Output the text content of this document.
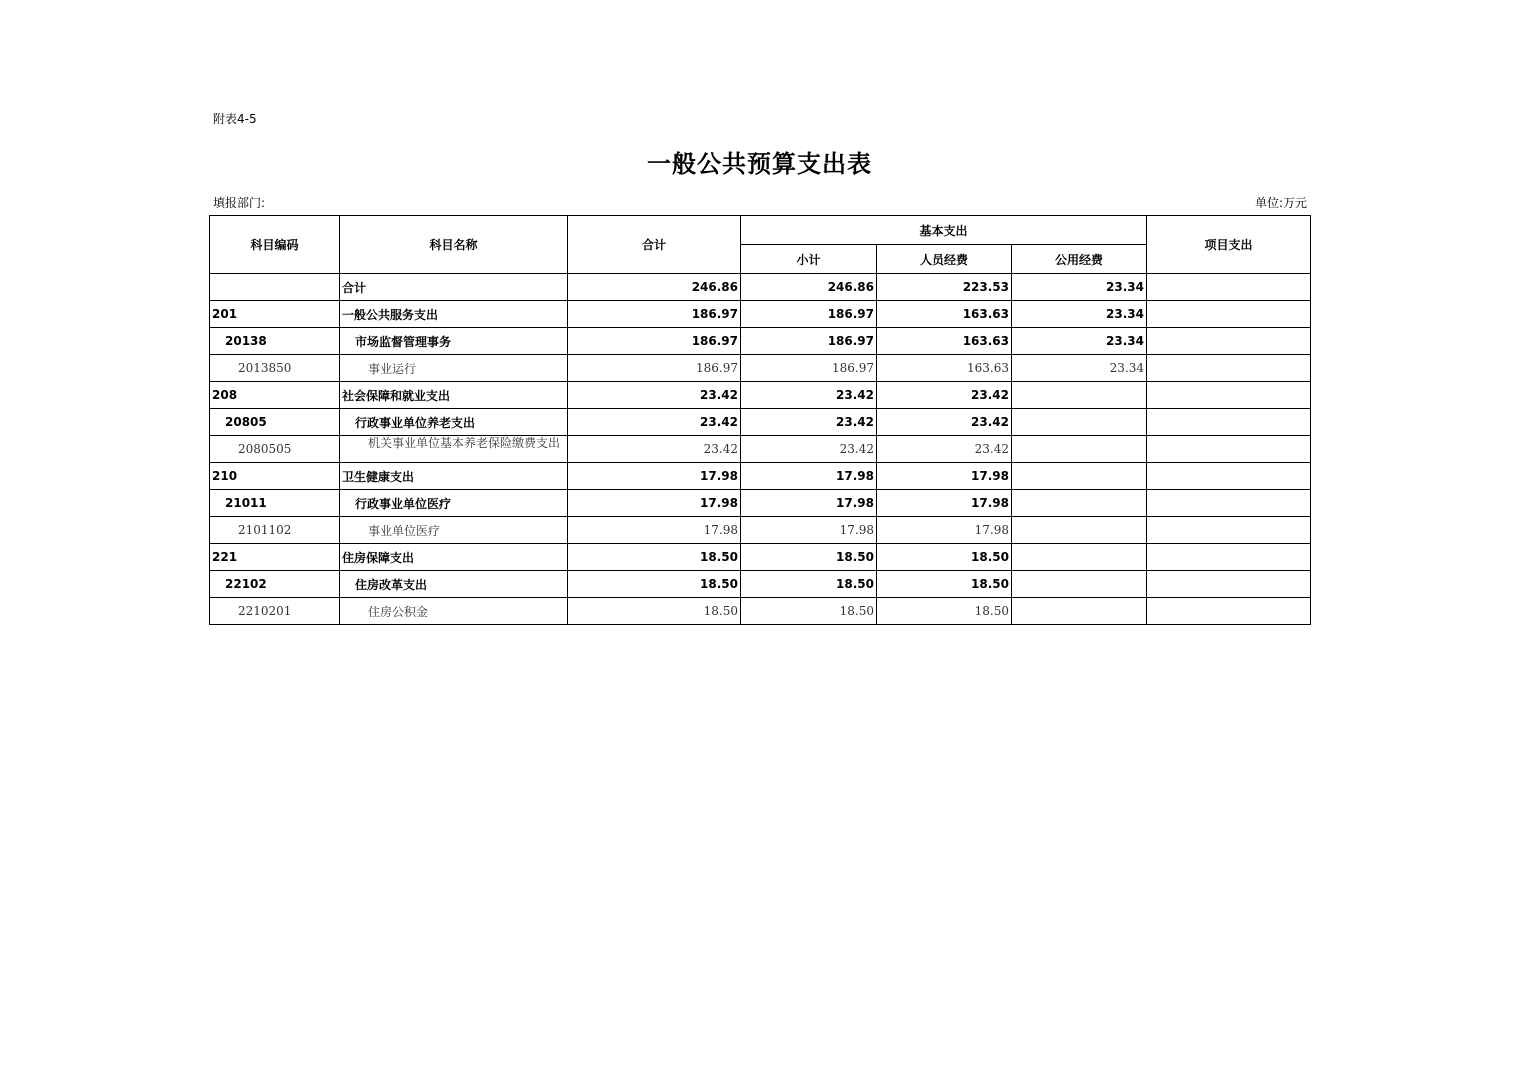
附表4-5
一般公共预算支出表
填报部门:	单位:万元
科目编码	科目名称	合计	基本支出			项目支出
			小计	人员经费	公用经费	
	合计	246.86	246.86	223.53	23.34	
201	一般公共服务支出	186.97	186.97	163.63	23.34	
20138	市场监督管理事务	186.97	186.97	163.63	23.34	
2013850	事业运行	186.97	186.97	163.63	23.34	
208	社会保障和就业支出	23.42	23.42	23.42		
20805	行政事业单位养老支出	23.42	23.42	23.42		
2080505	机关事业单位基本养老保险缴费支出	23.42	23.42	23.42		
210	卫生健康支出	17.98	17.98	17.98		
21011	行政事业单位医疗	17.98	17.98	17.98		
2101102	事业单位医疗	17.98	17.98	17.98		
221	住房保障支出	18.50	18.50	18.50		
22102	住房改革支出	18.50	18.50	18.50		
2210201	住房公积金	18.50	18.50	18.50		
